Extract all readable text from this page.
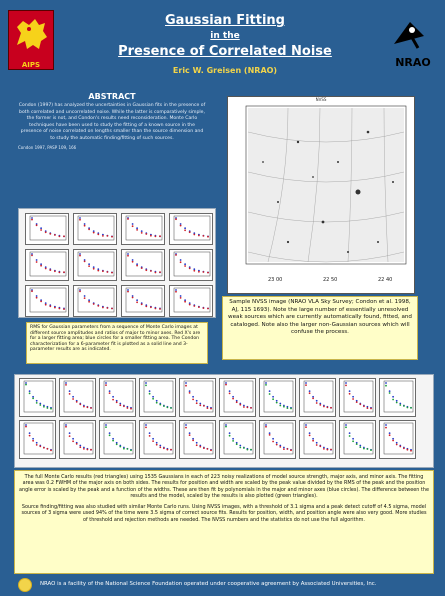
AIPS
Gaussian Fitting
in the
Presence of Correlated Noise
Eric W. Greisen (NRAO)
NRAO
ABSTRACT
Condon (1997) has analyzed the uncertainties in Gaussian fits in the presence of both correlated and uncorrelated noise. While the latter is comparatively simple, the former is not, and Condon's results need reconsideration. Monte Carlo techniques have been used to study the fitting of a known source in the presence of noise correlated on lengths smaller than the source dimension and to study the automatic finding/fitting of such sources.
Condon 1997, PASP 109, 166
NVSS
23 00	22 50	22 40
Sample NVSS image (NRAO VLA Sky Survey; Condon et al. 1998, AJ, 115 1693). Note the large number of essentially unresolved weak sources which are currently automatically found, fitted, and cataloged. Note also the larger non-Gaussian sources which will confuse the process.
RMS for Gaussian parameters from a sequence of Monte Carlo images at different source amplitudes and ratios of major to minor axes. Red X's are for a larger fitting area; blue circles for a smaller fitting area. The Condon characterization for a 6-parameter fit is plotted as a solid line and 3-parameter results are as indicated.
The full Monte Carlo results (red triangles) using 1535 Gaussians in each of 223 noisy realizations of model source strength, major axis, and minor axis. The fitting area was 0.2 FWHM of the major axis on both sides. The results for position and width are scaled by the peak value divided by the RMS of the peak and the position angle error is scaled by the peak and a function of the widths. These are then fit by polynomials in the major and minor axes (blue circles). The difference between the results and the model, scaled by the results is also plotted (green triangles).
Source finding/fitting was also studied with similar Monte Carlo runs. Using NVSS images, with a threshold of 3.1 sigma and a peak detect cutoff of 4.5 sigma, model sources of 3 sigma were used 94% of the time were 3.5 sigma of correct source fits. Results for position, width, and position angle were also very good. More studies of threshold and rejection methods are needed. The NVSS numbers and the statistics do not use the full algorithm.
NRAO is a facility of the National Science Foundation operated under cooperative agreement by Associated Universities, Inc.
